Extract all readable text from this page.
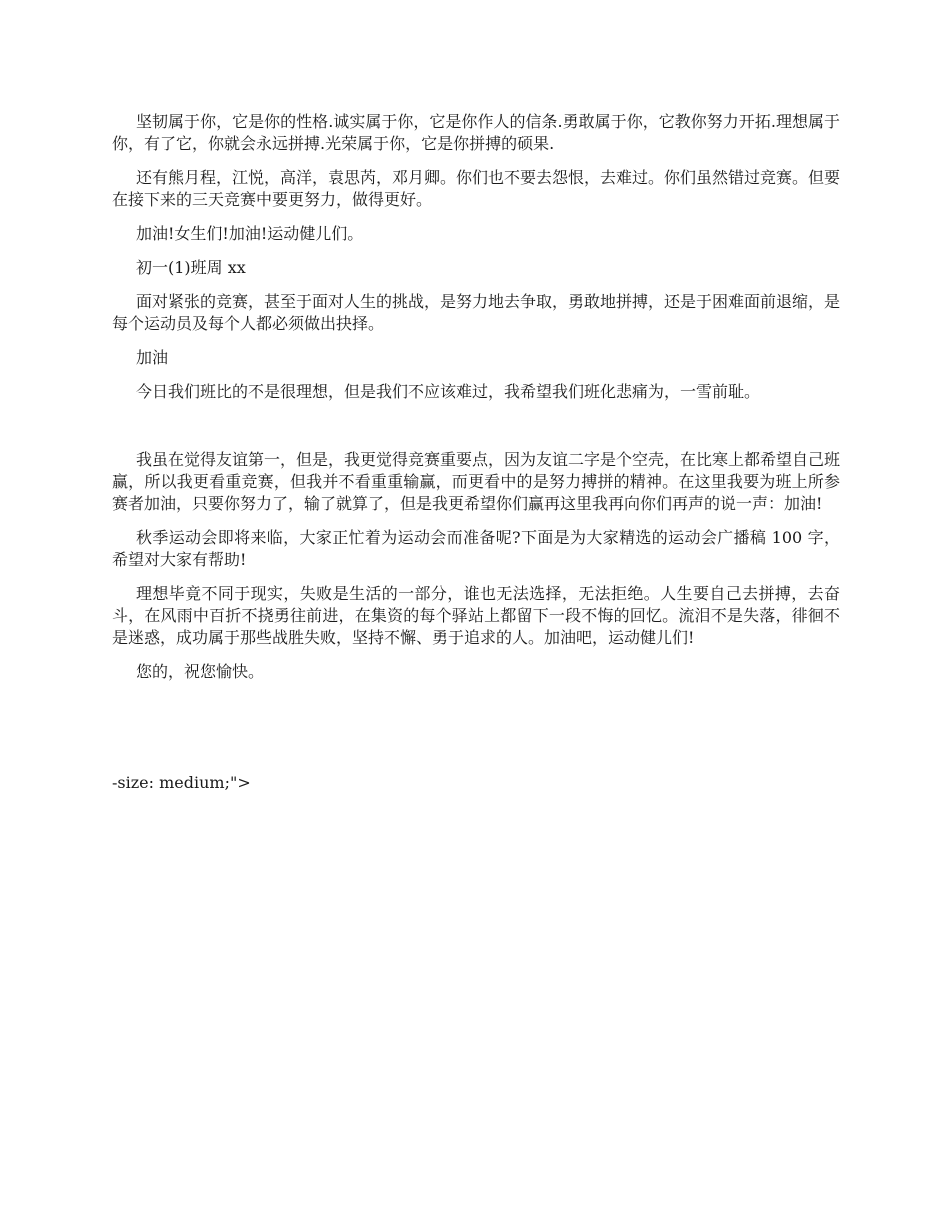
坚韧属于你，它是你的性格.诚实属于你，它是你作人的信条.勇敢属于你，它教你努力开拓.理想属于你，有了它，你就会永远拼搏.光荣属于你，它是你拼搏的硕果.

还有熊月程，江悦，高洋，袁思芮，邓月卿。你们也不要去怨恨，去难过。你们虽然错过竞赛。但要在接下来的三天竞赛中要更努力，做得更好。

加油!女生们!加油!运动健儿们。

初一(1)班周 xx

面对紧张的竞赛，甚至于面对人生的挑战，是努力地去争取，勇敢地拼搏，还是于困难面前退缩，是每个运动员及每个人都必须做出抉择。

加油

今日我们班比的不是很理想，但是我们不应该难过，我希望我们班化悲痛为，一雪前耻。

我虽在觉得友谊第一，但是，我更觉得竞赛重要点，因为友谊二字是个空壳，在比寒上都希望自己班赢，所以我更看重竞赛，但我并不看重重输赢，而更看中的是努力搏拼的精神。在这里我要为班上所参赛者加油，只要你努力了，输了就算了，但是我更希望你们赢再这里我再向你们再声的说一声：加油!

秋季运动会即将来临，大家正忙着为运动会而准备呢?下面是为大家精选的运动会广播稿 100 字，希望对大家有帮助!

理想毕竟不同于现实，失败是生活的一部分，谁也无法选择，无法拒绝。人生要自己去拼搏，去奋斗，在风雨中百折不挠勇往前进，在集资的每个驿站上都留下一段不悔的回忆。流泪不是失落，徘徊不是迷惑，成功属于那些战胜失败，坚持不懈、勇于追求的人。加油吧，运动健儿们!

您的，祝您愉快。

-size: medium;">
